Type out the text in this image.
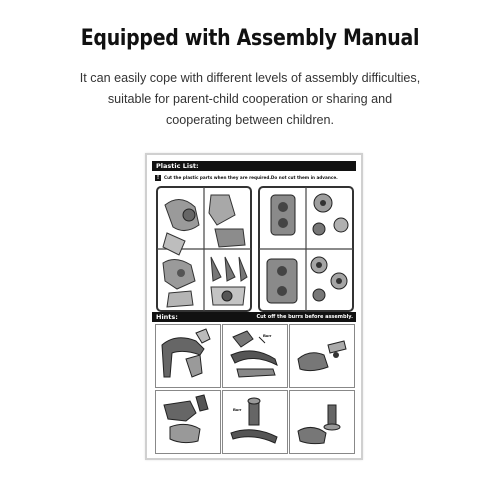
Equipped with Assembly Manual
It can easily cope with different levels of assembly difficulties,
suitable for parent-child cooperation or sharing and
cooperating between children.
Plastic List:
! Cut the plastic parts when they are required.Do not cut them in advance.
Hints:	Cut off the burrs before assembly.
Burr
Burr
